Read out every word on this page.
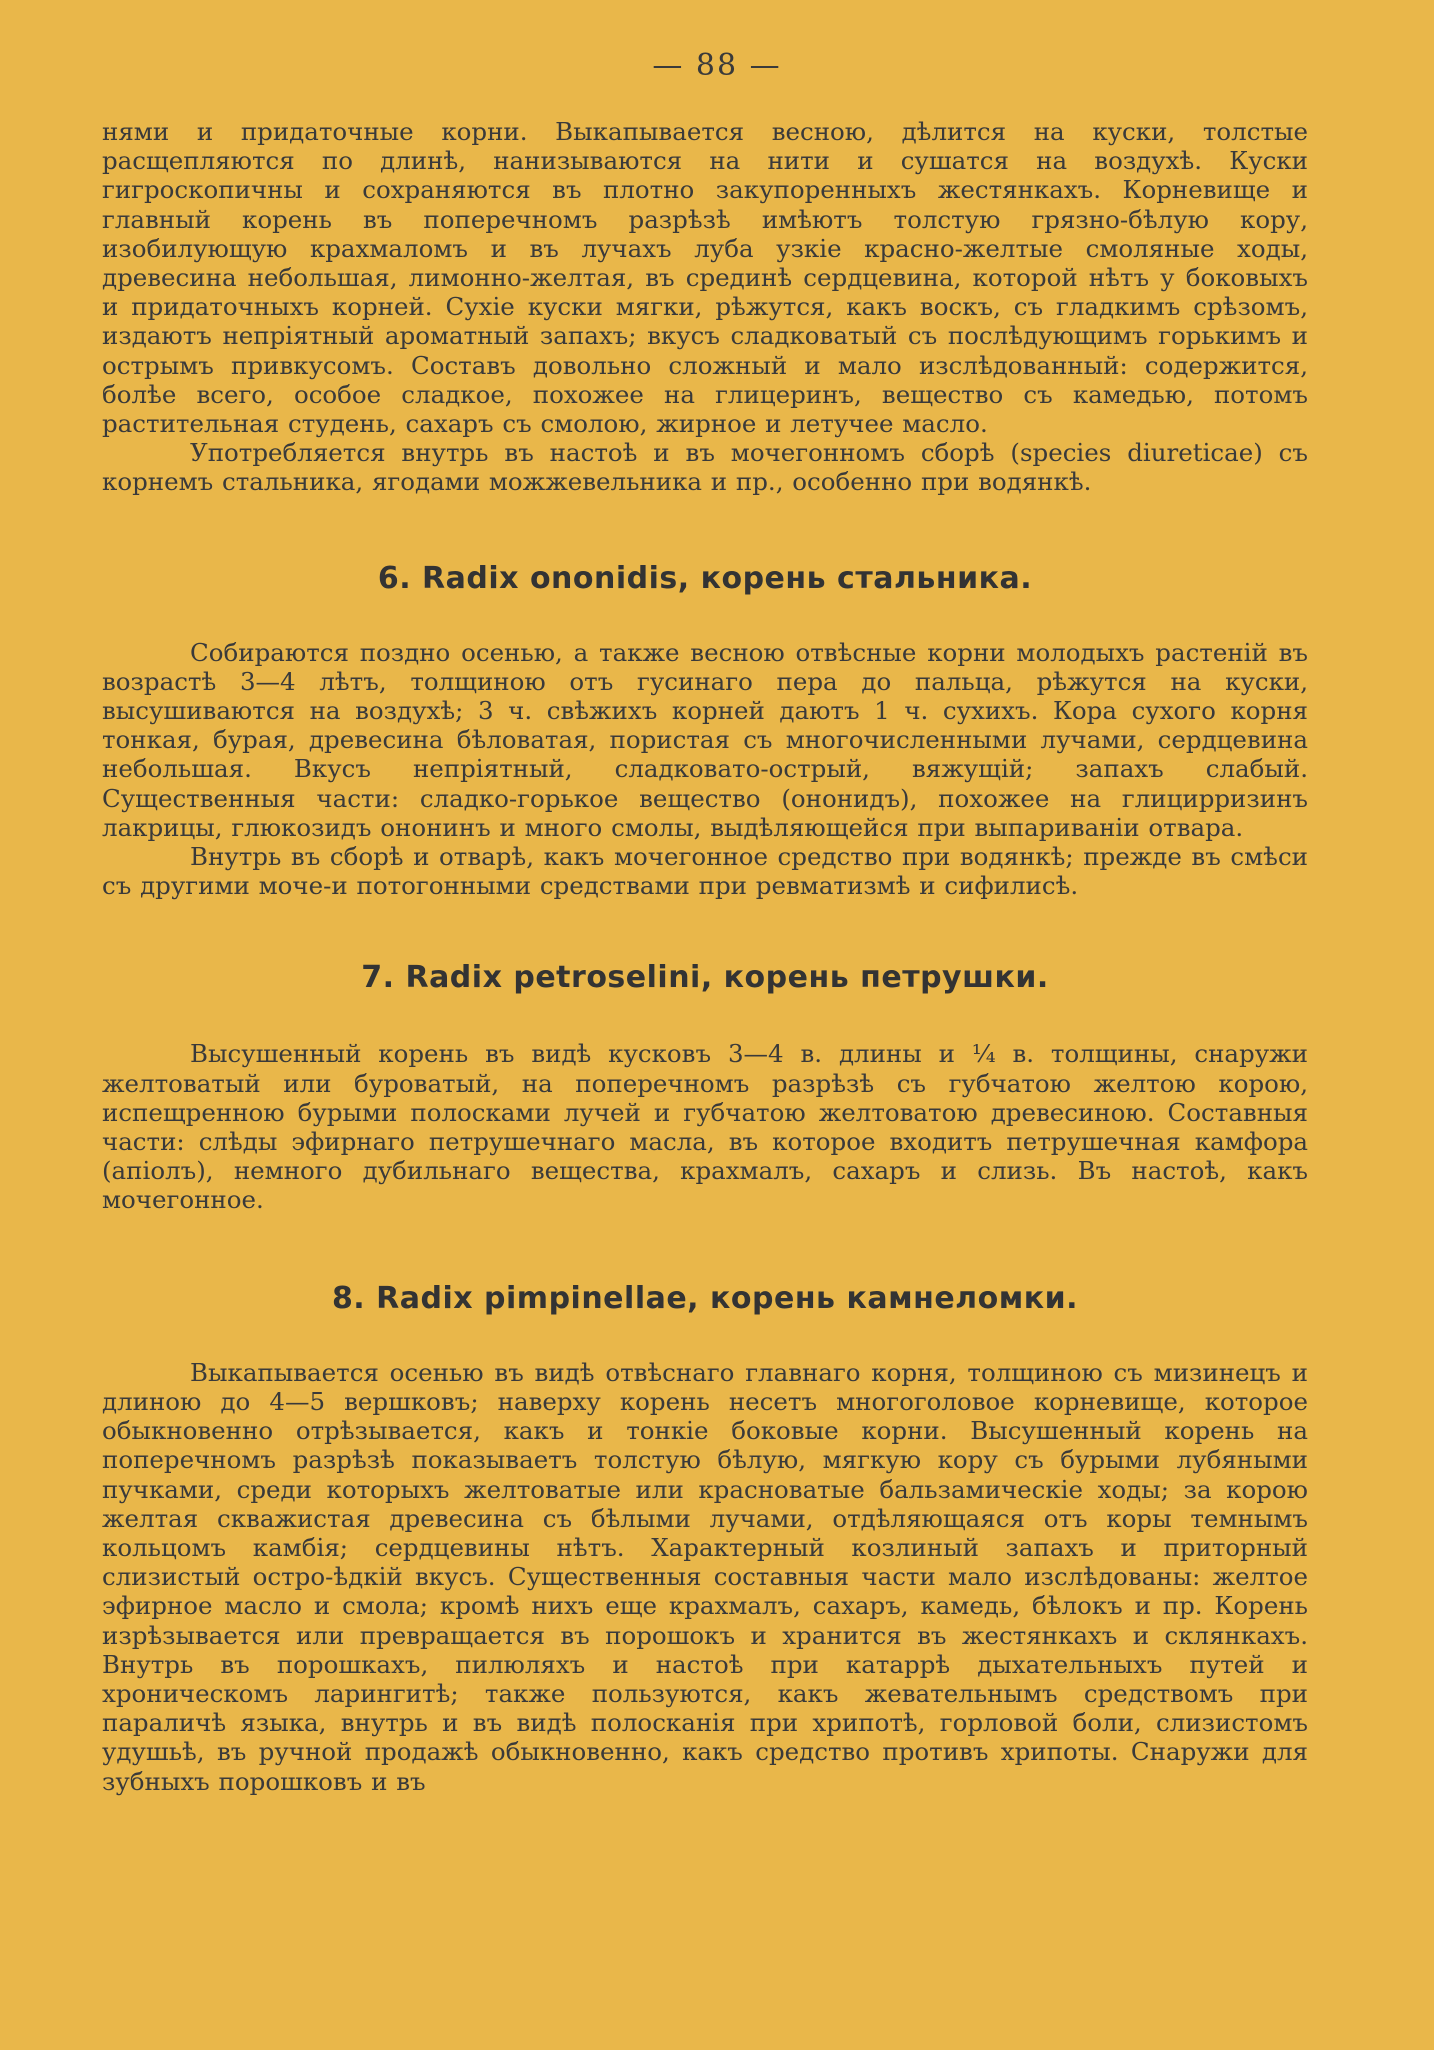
— 88 —

нями и придаточные корни. Выкапывается весною, дѣлится на куски, толстые расщепляются по длинѣ, нанизываются на нити и сушатся на воздухѣ. Куски гигроскопичны и сохраняются въ плотно закупоренныхъ жестянкахъ. Корневище и главный корень въ поперечномъ разрѣзѣ имѣютъ толстую грязно-бѣлую кору, изобилующую крахмаломъ и въ лучахъ луба узкіе красно-желтые смоляные ходы, древесина небольшая, лимонно-желтая, въ срединѣ сердцевина, которой нѣтъ у боковыхъ и придаточныхъ корней. Сухіе куски мягки, рѣжутся, какъ воскъ, съ гладкимъ срѣзомъ, издаютъ непріятный ароматный запахъ; вкусъ сладковатый съ послѣдующимъ горькимъ и острымъ привкусомъ. Составъ довольно сложный и мало изслѣдованный: содержится, болѣе всего, особое сладкое, похожее на глицеринъ, вещество съ камедью, потомъ растительная студень, сахаръ съ смолою, жирное и летучее масло.

Употребляется внутрь въ настоѣ и въ мочегонномъ сборѣ (species diureticae) съ корнемъ стальника, ягодами можжевельника и пр., особенно при водянкѣ.

6. Radix ononidis, корень стальника.

Собираются поздно осенью, а также весною отвѣсные корни молодыхъ растеній въ возрастѣ 3—4 лѣтъ, толщиною отъ гусинаго пера до пальца, рѣжутся на куски, высушиваются на воздухѣ; 3 ч. свѣжихъ корней даютъ 1 ч. сухихъ. Кора сухого корня тонкая, бурая, древесина бѣловатая, пористая съ многочисленными лучами, сердцевина небольшая. Вкусъ непріятный, сладковато-острый, вяжущій; запахъ слабый. Существенныя части: сладко-горькое вещество (ононидъ), похожее на глицирризинъ лакрицы, глюкозидъ ононинъ и много смолы, выдѣляющейся при выпариваніи отвара.

Внутрь въ сборѣ и отварѣ, какъ мочегонное средство при водянкѣ; прежде въ смѣси съ другими моче-и потогонными средствами при ревматизмѣ и сифилисѣ.

7. Radix petroselini, корень петрушки.

Высушенный корень въ видѣ кусковъ 3—4 в. длины и ¼ в. толщины, снаружи желтоватый или буроватый, на поперечномъ разрѣзѣ съ губчатою желтою корою, испещренною бурыми полосками лучей и губчатою желтоватою древесиною. Составныя части: слѣды эфирнаго петрушечнаго масла, въ которое входитъ петрушечная камфора (апіолъ), немного дубильнаго вещества, крахмалъ, сахаръ и слизь. Въ настоѣ, какъ мочегонное.

8. Radix pimpinellae, корень камнеломки.

Выкапывается осенью въ видѣ отвѣснаго главнаго корня, толщиною съ мизинецъ и длиною до 4—5 вершковъ; наверху корень несетъ многоголовое корневище, которое обыкновенно отрѣзывается, какъ и тонкіе боковые корни. Высушенный корень на поперечномъ разрѣзѣ показываетъ толстую бѣлую, мягкую кору съ бурыми лубяными пучками, среди которыхъ желтоватые или красноватые бальзамическіе ходы; за корою желтая скважистая древесина съ бѣлыми лучами, отдѣляющаяся отъ коры темнымъ кольцомъ камбія; сердцевины нѣтъ. Характерный козлиный запахъ и приторный слизистый остро-ѣдкій вкусъ. Существенныя составныя части мало изслѣдованы: желтое эфирное масло и смола; кромѣ нихъ еще крахмалъ, сахаръ, камедь, бѣлокъ и пр. Корень изрѣзывается или превращается въ порошокъ и хранится въ жестянкахъ и склянкахъ. Внутрь въ порошкахъ, пилюляхъ и настоѣ при катаррѣ дыхательныхъ путей и хроническомъ ларингитѣ; также пользуются, какъ жевательнымъ средствомъ при параличѣ языка, внутрь и въ видѣ полосканія при хрипотѣ, горловой боли, слизистомъ удушьѣ, въ ручной продажѣ обыкновенно, какъ средство противъ хрипоты. Снаружи для зубныхъ порошковъ и въ
